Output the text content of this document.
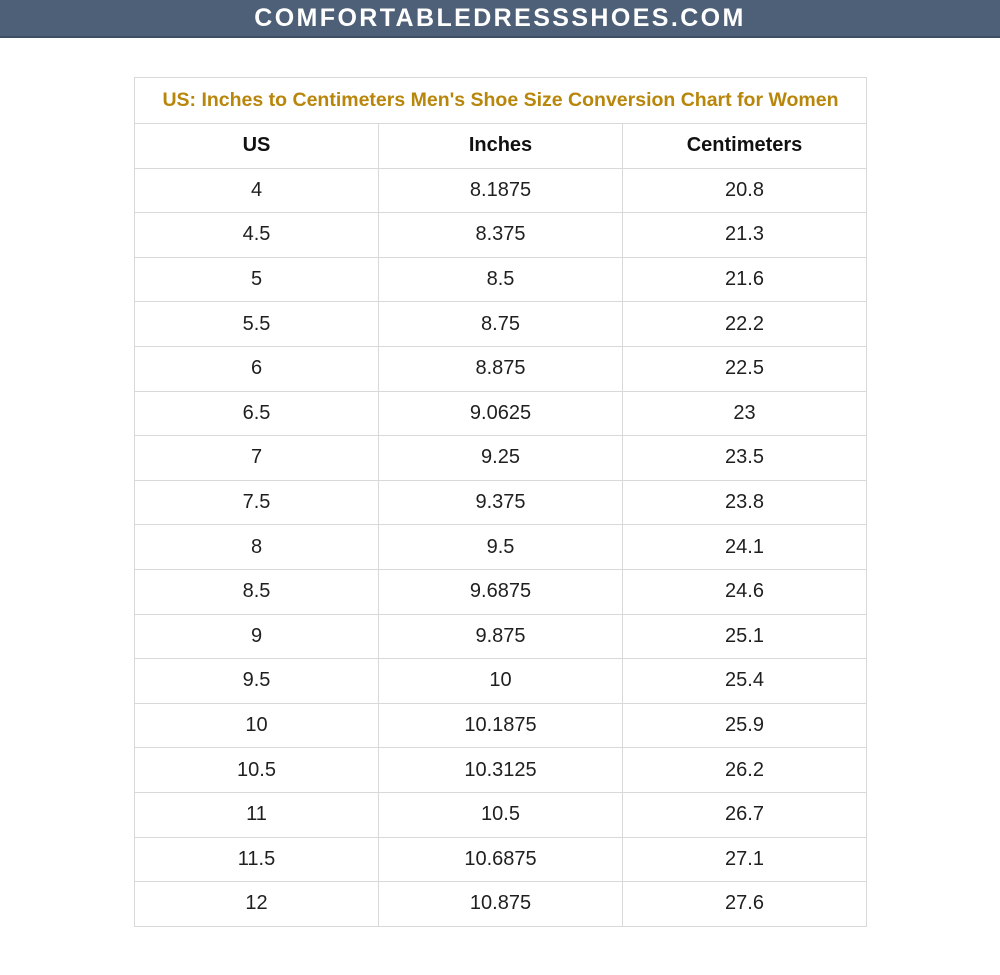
COMFORTABLEDRESSSHOES.COM
US: Inches to Centimeters Men's Shoe Size Conversion Chart for Women		
US	Inches	Centimeters
4	8.1875	20.8
4.5	8.375	21.3
5	8.5	21.6
5.5	8.75	22.2
6	8.875	22.5
6.5	9.0625	23
7	9.25	23.5
7.5	9.375	23.8
8	9.5	24.1
8.5	9.6875	24.6
9	9.875	25.1
9.5	10	25.4
10	10.1875	25.9
10.5	10.3125	26.2
11	10.5	26.7
11.5	10.6875	27.1
12	10.875	27.6
